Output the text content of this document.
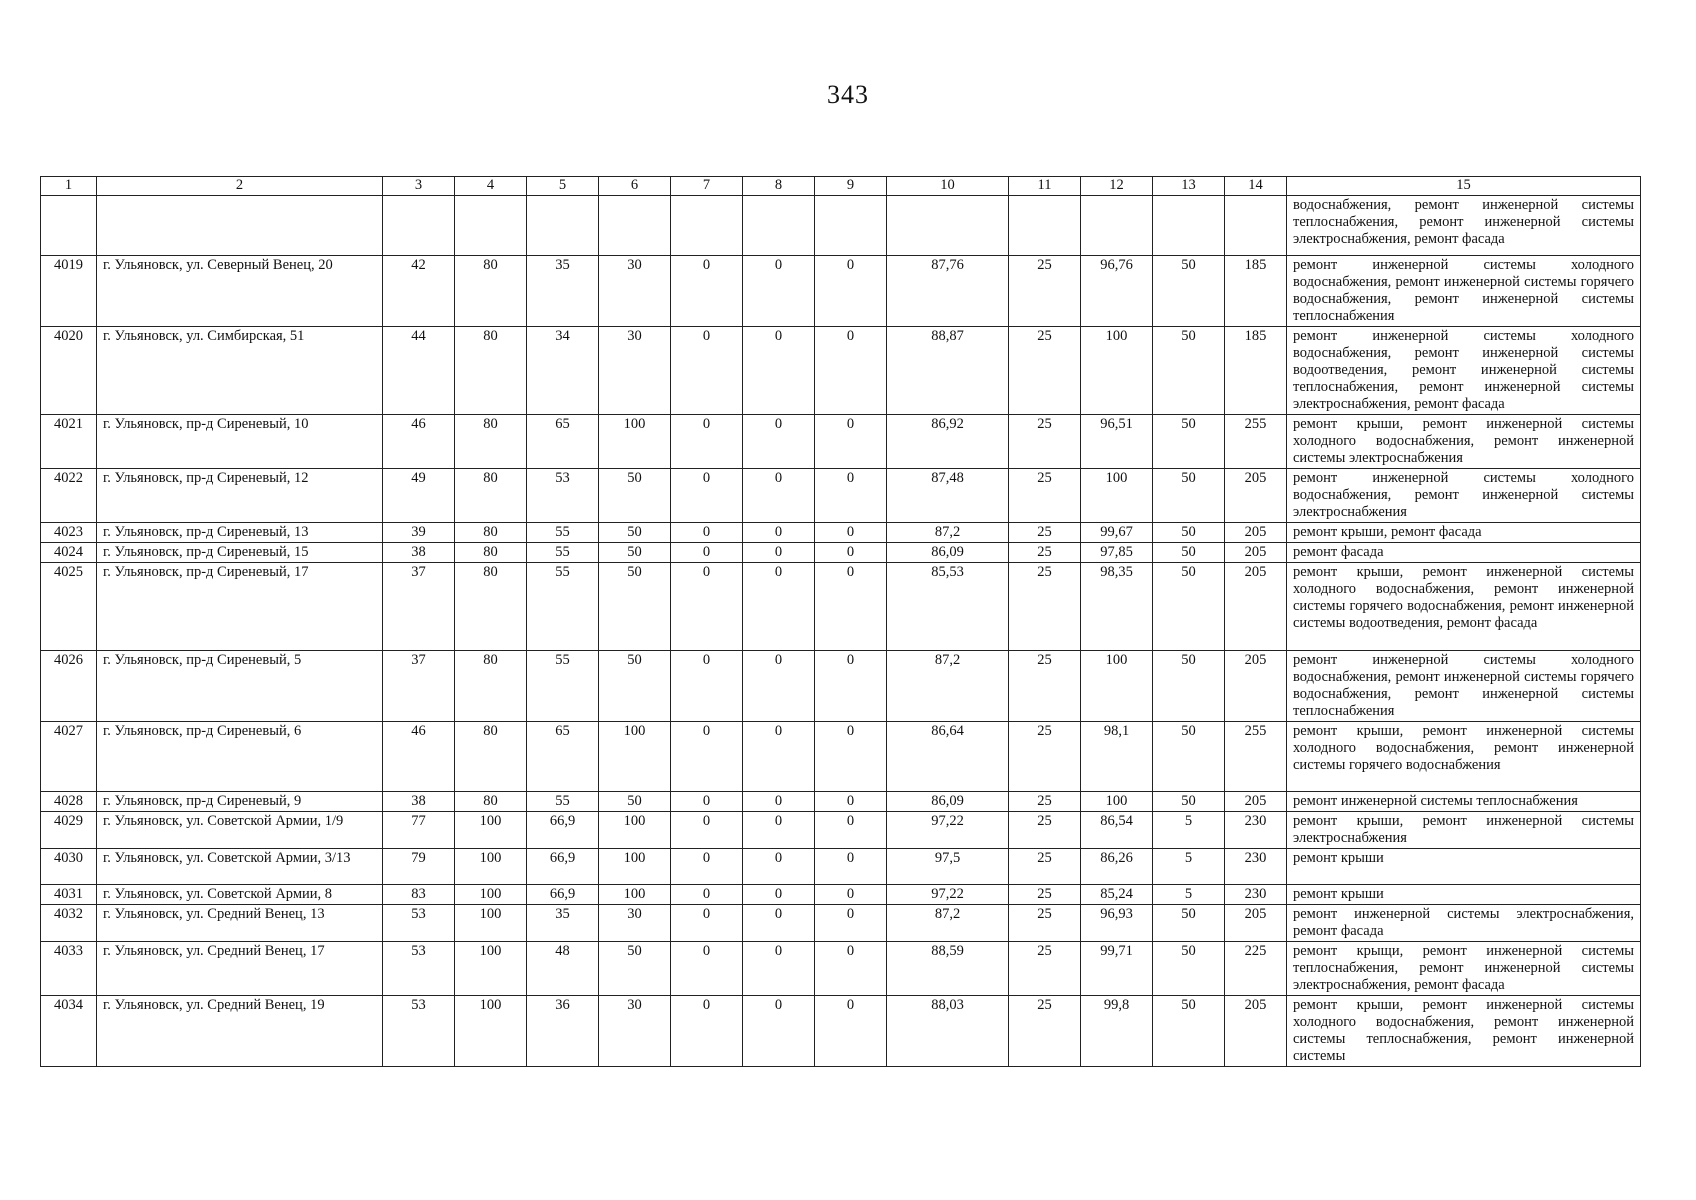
343
1	2	3	4	5	6	7	8	9	10	11	12	13	14	15
														водоснабжения, ремонт инженерной системы теплоснабжения, ремонт инженерной системы электроснабжения, ремонт фасада
4019	г. Ульяновск, ул. Северный Венец, 20	42	80	35	30	0	0	0	87,76	25	96,76	50	185	ремонт инженерной системы холодного водоснабжения, ремонт инженерной системы горячего водоснабжения, ремонт инженерной системы теплоснабжения
4020	г. Ульяновск, ул. Симбирская, 51	44	80	34	30	0	0	0	88,87	25	100	50	185	ремонт инженерной системы холодного водоснабжения, ремонт инженерной системы водоотведения, ремонт инженерной системы теплоснабжения, ремонт инженерной системы электроснабжения, ремонт фасада
4021	г. Ульяновск, пр-д Сиреневый, 10	46	80	65	100	0	0	0	86,92	25	96,51	50	255	ремонт крыши, ремонт инженерной системы холодного водоснабжения, ремонт инженерной системы электроснабжения
4022	г. Ульяновск, пр-д Сиреневый, 12	49	80	53	50	0	0	0	87,48	25	100	50	205	ремонт инженерной системы холодного водоснабжения, ремонт инженерной системы электроснабжения
4023	г. Ульяновск, пр-д Сиреневый, 13	39	80	55	50	0	0	0	87,2	25	99,67	50	205	ремонт крыши, ремонт фасада
4024	г. Ульяновск, пр-д Сиреневый, 15	38	80	55	50	0	0	0	86,09	25	97,85	50	205	ремонт фасада
4025	г. Ульяновск, пр-д Сиреневый, 17	37	80	55	50	0	0	0	85,53	25	98,35	50	205	ремонт крыши, ремонт инженерной системы холодного водоснабжения, ремонт инженерной системы горячего водоснабжения, ремонт инженерной системы водоотведения, ремонт фасада
4026	г. Ульяновск, пр-д Сиреневый, 5	37	80	55	50	0	0	0	87,2	25	100	50	205	ремонт инженерной системы холодного водоснабжения, ремонт инженерной системы горячего водоснабжения, ремонт инженерной системы теплоснабжения
4027	г. Ульяновск, пр-д Сиреневый, 6	46	80	65	100	0	0	0	86,64	25	98,1	50	255	ремонт крыши, ремонт инженерной системы холодного водоснабжения, ремонт инженерной системы горячего водоснабжения
4028	г. Ульяновск, пр-д Сиреневый, 9	38	80	55	50	0	0	0	86,09	25	100	50	205	ремонт инженерной системы теплоснабжения
4029	г. Ульяновск, ул. Советской Армии, 1/9	77	100	66,9	100	0	0	0	97,22	25	86,54	5	230	ремонт крыши, ремонт инженерной системы электроснабжения
4030	г. Ульяновск, ул. Советской Армии, 3/13	79	100	66,9	100	0	0	0	97,5	25	86,26	5	230	ремонт крыши
4031	г. Ульяновск, ул. Советской Армии, 8	83	100	66,9	100	0	0	0	97,22	25	85,24	5	230	ремонт крыши
4032	г. Ульяновск, ул. Средний Венец, 13	53	100	35	30	0	0	0	87,2	25	96,93	50	205	ремонт инженерной системы электроснабжения, ремонт фасада
4033	г. Ульяновск, ул. Средний Венец, 17	53	100	48	50	0	0	0	88,59	25	99,71	50	225	ремонт крыщи, ремонт инженерной системы теплоснабжения, ремонт инженерной системы электроснабжения, ремонт фасада
4034	г. Ульяновск, ул. Средний Венец, 19	53	100	36	30	0	0	0	88,03	25	99,8	50	205	ремонт крыши, ремонт инженерной системы холодного водоснабжения, ремонт инженерной системы теплоснабжения, ремонт инженерной системы
